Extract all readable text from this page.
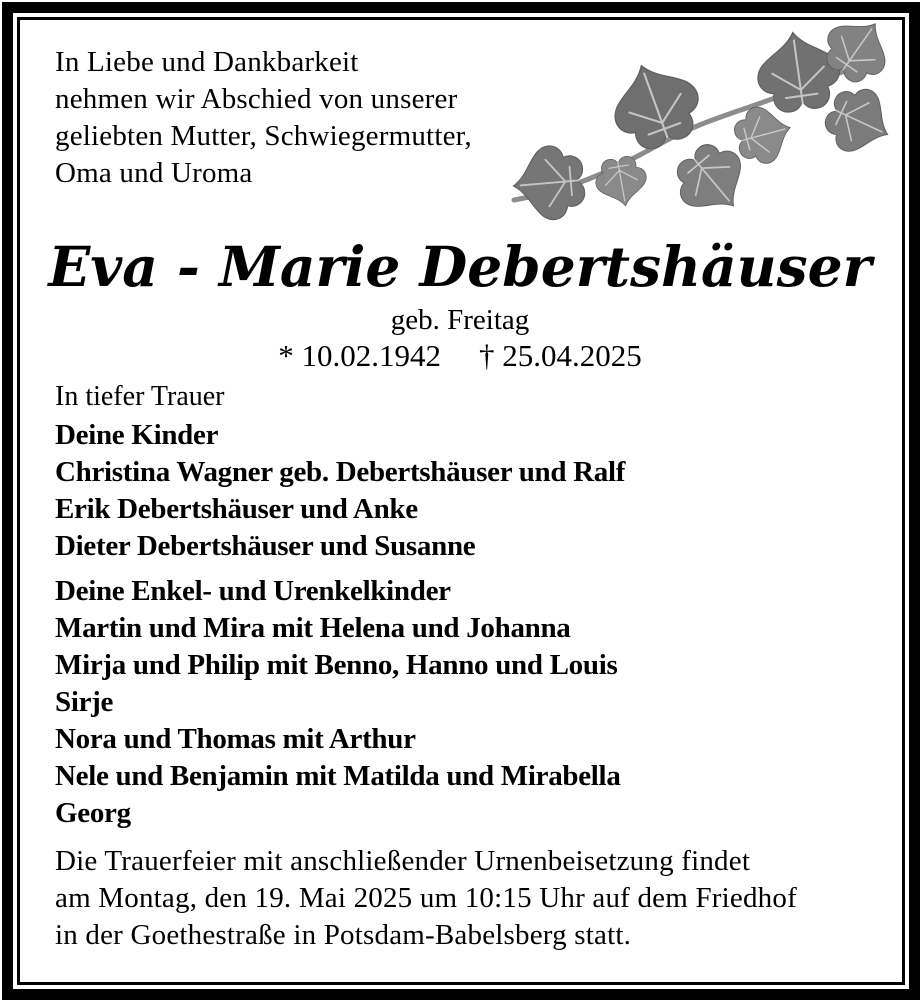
In Liebe und Dankbarkeit
nehmen wir Abschied von unserer
geliebten Mutter, Schwiegermutter,
Oma und Uroma
Eva - Marie Debertshäuser
geb. Freitag
* 10.02.1942 † 25.04.2025
In tiefer Trauer
Deine Kinder
Christina Wagner geb. Debertshäuser und Ralf
Erik Debertshäuser und Anke
Dieter Debertshäuser und Susanne
Deine Enkel- und Urenkelkinder
Martin und Mira mit Helena und Johanna
Mirja und Philip mit Benno, Hanno und Louis
Sirje
Nora und Thomas mit Arthur
Nele und Benjamin mit Matilda und Mirabella
Georg
Die Trauerfeier mit anschließender Urnenbeisetzung findet
am Montag, den 19. Mai 2025 um 10:15 Uhr auf dem Friedhof
in der Goethestraße in Potsdam-Babelsberg statt.
